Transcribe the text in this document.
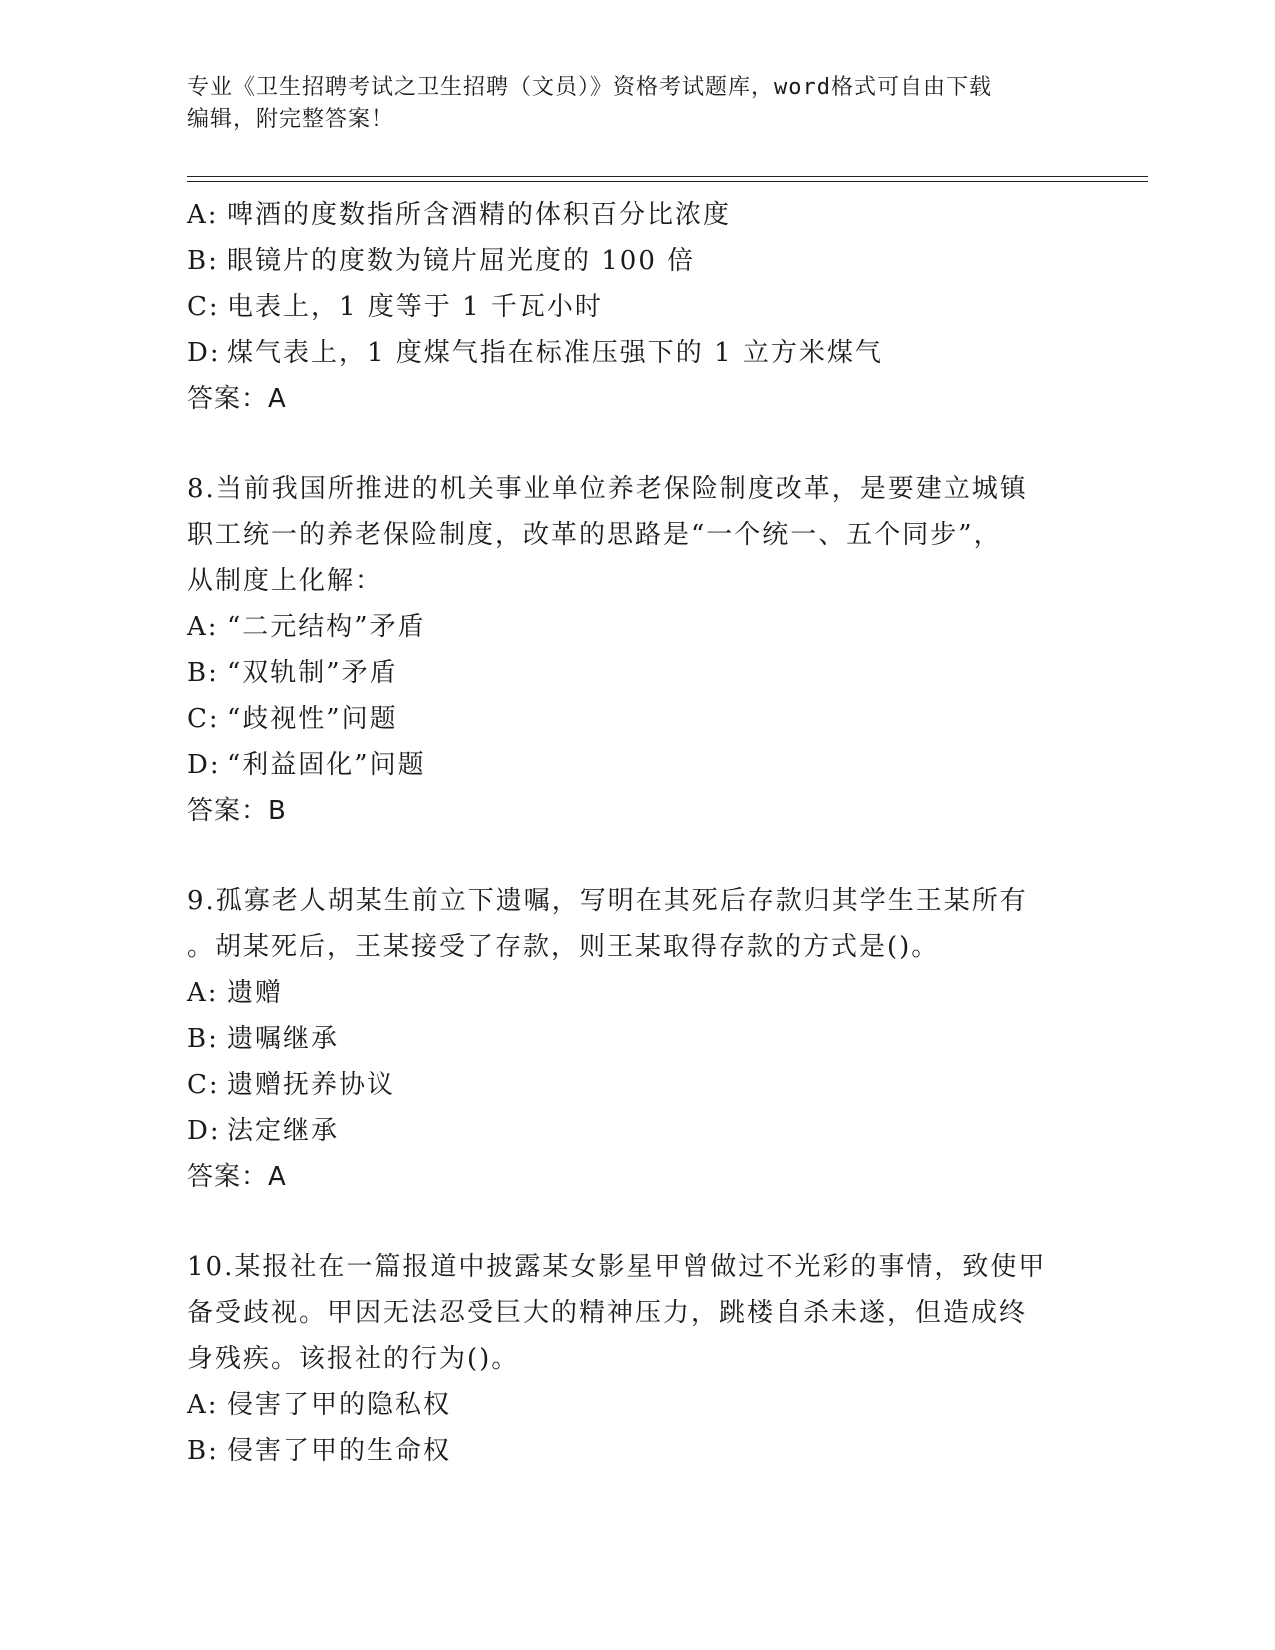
专业《卫生招聘考试之卫生招聘（文员）》资格考试题库，word格式可自由下载
编辑，附完整答案！
A: 啤酒的度数指所含酒精的体积百分比浓度
B: 眼镜片的度数为镜片屈光度的 100 倍
C: 电表上，1 度等于 1 千瓦小时
D: 煤气表上，1 度煤气指在标准压强下的 1 立方米煤气
答案：A
8.当前我国所推进的机关事业单位养老保险制度改革，是要建立城镇
职工统一的养老保险制度，改革的思路是“一个统一、五个同步”，
从制度上化解：
A: “二元结构”矛盾
B: “双轨制”矛盾
C: “歧视性”问题
D: “利益固化”问题
答案：B
9.孤寡老人胡某生前立下遗嘱，写明在其死后存款归其学生王某所有
。胡某死后，王某接受了存款，则王某取得存款的方式是()。
A: 遗赠
B: 遗嘱继承
C: 遗赠抚养协议
D: 法定继承
答案：A
10.某报社在一篇报道中披露某女影星甲曾做过不光彩的事情，致使甲
备受歧视。甲因无法忍受巨大的精神压力，跳楼自杀未遂，但造成终
身残疾。该报社的行为()。
A: 侵害了甲的隐私权
B: 侵害了甲的生命权
